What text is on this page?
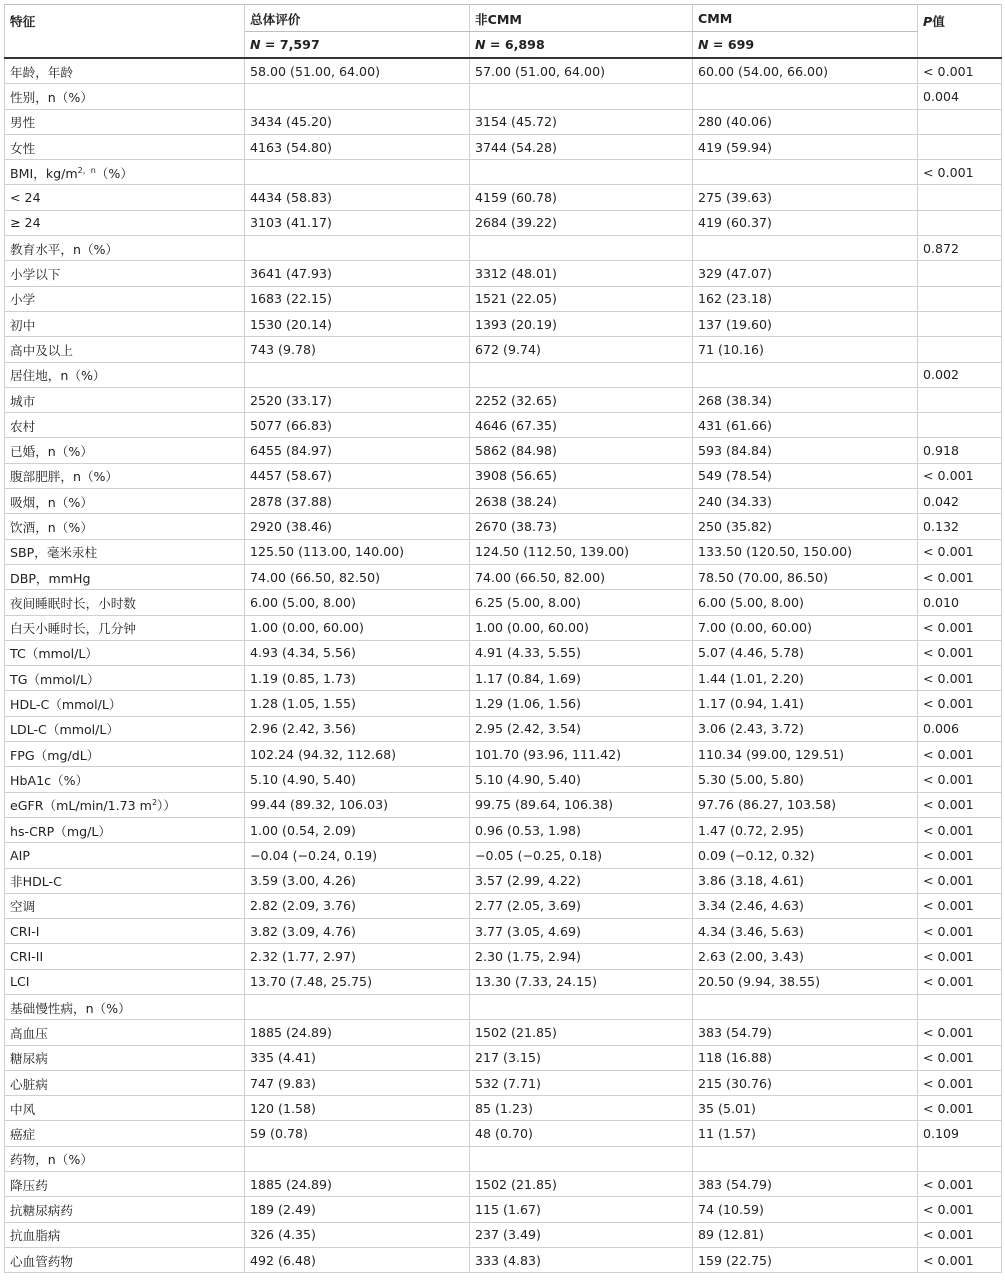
特征	总体评价	非CMM	CMM	P值
	N = 7,597	N = 6,898	N = 699	
年龄，年龄	58.00 (51.00, 64.00)	57.00 (51.00, 64.00)	60.00 (54.00, 66.00)	< 0.001
性别，n（%）				0.004
男性	3434 (45.20)	3154 (45.72)	280 (40.06)	
女性	4163 (54.80)	3744 (54.28)	419 (59.94)	
BMI，$kg/m^{2,n}(\%)$				< 0.001
< 24	4434 (58.83)	4159 (60.78)	275 (39.63)	
≥ 24	3103 (41.17)	2684 (39.22)	419 (60.37)	
教育水平，n（%）				0.872
小学以下	3641 (47.93)	3312 (48.01)	329 (47.07)	
小学	1683 (22.15)	1521 (22.05)	162 (23.18)	
初中	1530 (20.14)	1393 (20.19)	137 (19.60)	
高中及以上	743 (9.78)	672 (9.74)	71 (10.16)	
居住地，n（%）				0.002
城市	2520 (33.17)	2252 (32.65)	268 (38.34)	
农村	5077 (66.83)	4646 (67.35)	431 (61.66)	
已婚，n（%）	6455 (84.97)	5862 (84.98)	593 (84.84)	0.918
腹部肥胖，n（%）	4457 (58.67)	3908 (56.65)	549 (78.54)	< 0.001
吸烟，n（%）	2878 (37.88)	2638 (38.24)	240 (34.33)	0.042
饮酒，n（%）	2920 (38.46)	2670 (38.73)	250 (35.82)	0.132
SBP，毫米汞柱	125.50 (113.00, 140.00)	124.50 (112.50, 139.00)	133.50 (120.50, 150.00)	< 0.001
DBP，mmHg	74.00 (66.50, 82.50)	74.00 (66.50, 82.00)	78.50 (70.00, 86.50)	< 0.001
夜间睡眠时长，小时数	6.00 (5.00, 8.00)	6.25 (5.00, 8.00)	6.00 (5.00, 8.00)	0.010
白天小睡时长，几分钟	1.00 (0.00, 60.00)	1.00 (0.00, 60.00)	7.00 (0.00, 60.00)	< 0.001
TC（mmol/L）	4.93 (4.34, 5.56)	4.91 (4.33, 5.55)	5.07 (4.46, 5.78)	< 0.001
TG（mmol/L）	1.19 (0.85, 1.73)	1.17 (0.84, 1.69)	1.44 (1.01, 2.20)	< 0.001
HDL-C（mmol/L）	1.28 (1.05, 1.55)	1.29 (1.06, 1.56)	1.17 (0.94, 1.41)	< 0.001
LDL-C（mmol/L）	2.96 (2.42, 3.56)	2.95 (2.42, 3.54)	3.06 (2.43, 3.72)	0.006
FPG（mg/dL）	102.24 (94.32, 112.68)	101.70 (93.96, 111.42)	110.34 (99.00, 129.51)	< 0.001
HbA1c（%）	5.10 (4.90, 5.40)	5.10 (4.90, 5.40)	5.30 (5.00, 5.80)	< 0.001
eGFR（mL/min/1.73 $m^2$））	99.44 (89.32, 106.03)	99.75 (89.64, 106.38)	97.76 (86.27, 103.58)	< 0.001
hs-CRP（mg/L）	1.00 (0.54, 2.09)	0.96 (0.53, 1.98)	1.47 (0.72, 2.95)	< 0.001
AIP	−0.04 (−0.24, 0.19)	−0.05 (−0.25, 0.18)	0.09 (−0.12, 0.32)	< 0.001
非HDL-C	3.59 (3.00, 4.26)	3.57 (2.99, 4.22)	3.86 (3.18, 4.61)	< 0.001
空调	2.82 (2.09, 3.76)	2.77 (2.05, 3.69)	3.34 (2.46, 4.63)	< 0.001
CRI-I	3.82 (3.09, 4.76)	3.77 (3.05, 4.69)	4.34 (3.46, 5.63)	< 0.001
CRI-II	2.32 (1.77, 2.97)	2.30 (1.75, 2.94)	2.63 (2.00, 3.43)	< 0.001
LCI	13.70 (7.48, 25.75)	13.30 (7.33, 24.15)	20.50 (9.94, 38.55)	< 0.001
基础慢性病，n（%）				
高血压	1885 (24.89)	1502 (21.85)	383 (54.79)	< 0.001
糖尿病	335 (4.41)	217 (3.15)	118 (16.88)	< 0.001
心脏病	747 (9.83)	532 (7.71)	215 (30.76)	< 0.001
中风	120 (1.58)	85 (1.23)	35 (5.01)	< 0.001
癌症	59 (0.78)	48 (0.70)	11 (1.57)	0.109
药物，n（%）				
降压药	1885 (24.89)	1502 (21.85)	383 (54.79)	< 0.001
抗糖尿病药	189 (2.49)	115 (1.67)	74 (10.59)	< 0.001
抗血脂病	326 (4.35)	237 (3.49)	89 (12.81)	< 0.001
心血管药物	492 (6.48)	333 (4.83)	159 (22.75)	< 0.001
